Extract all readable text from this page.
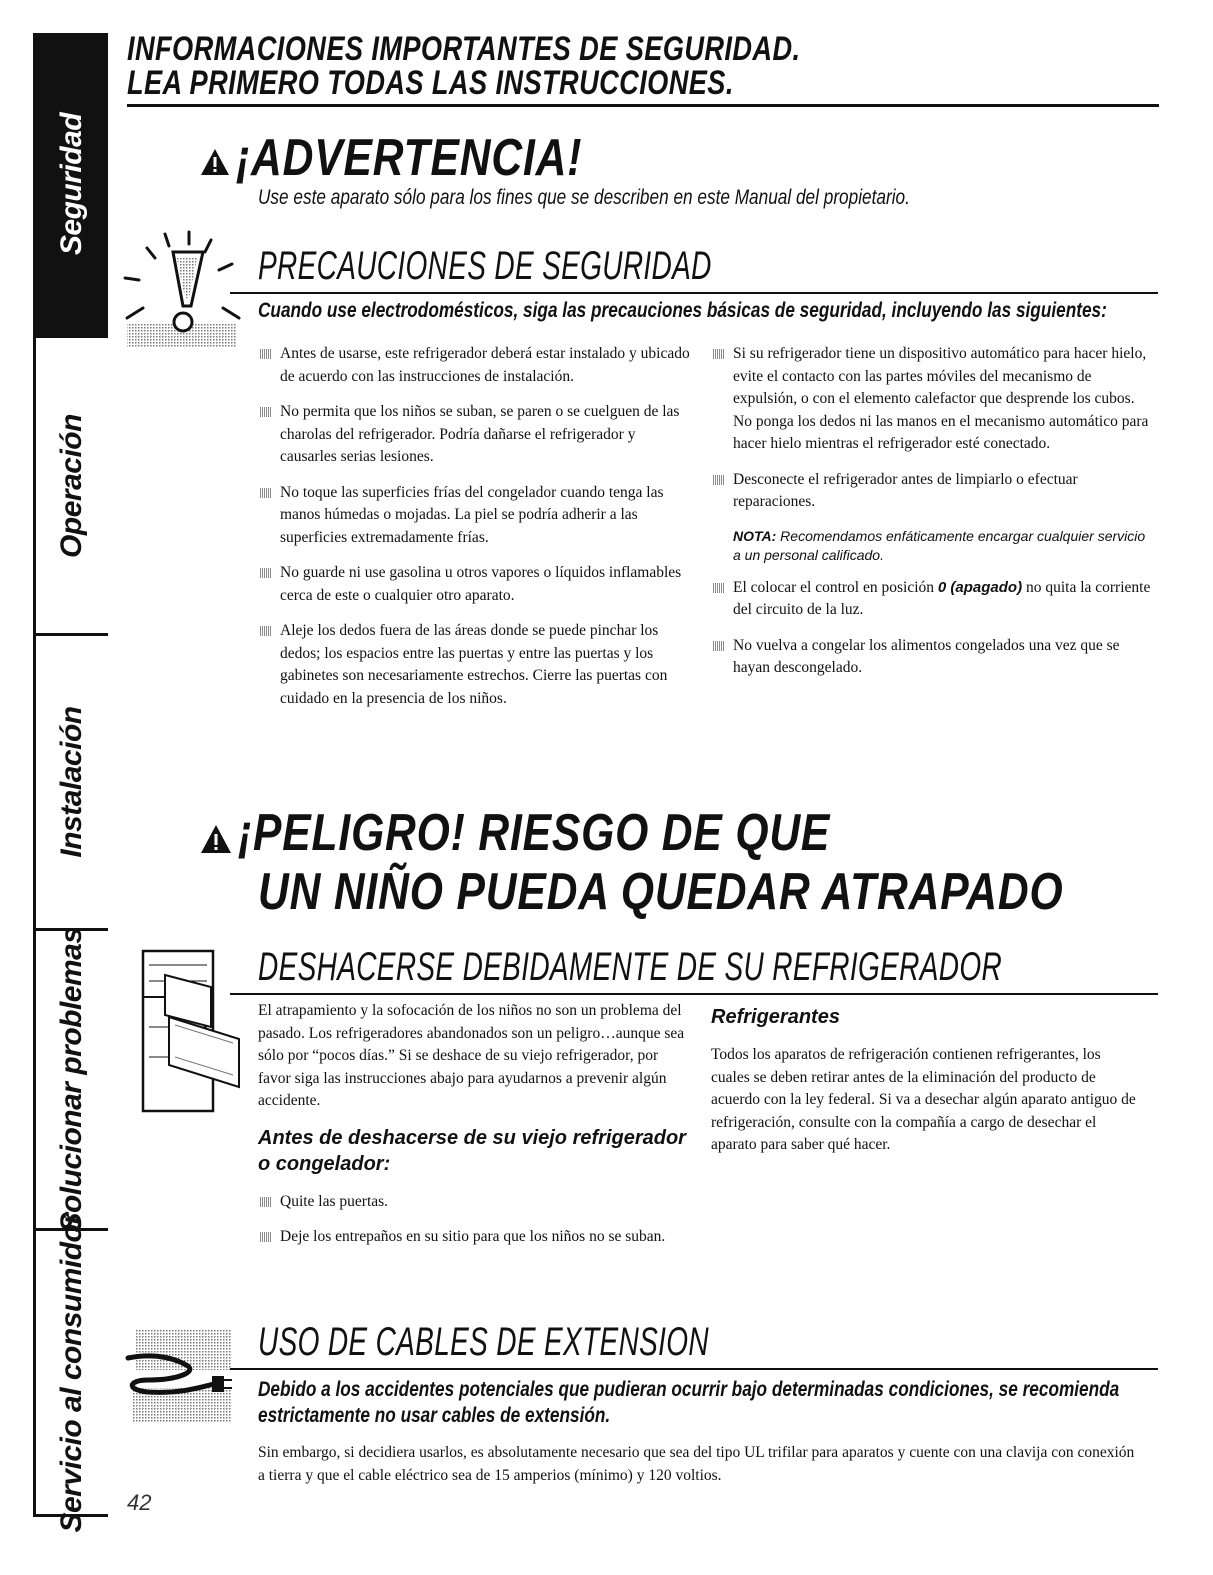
Seguridad
Operación
Instalación
Solucionar problemas
Servicio al consumidor
INFORMACIONES IMPORTANTES DE SEGURIDAD.
LEA PRIMERO TODAS LAS INSTRUCCIONES.
¡ADVERTENCIA!
Use este aparato sólo para los fines que se describen en este Manual del propietario.
PRECAUCIONES DE SEGURIDAD
Cuando use electrodomésticos, siga las precauciones básicas de seguridad, incluyendo las siguientes:
Antes de usarse, este refrigerador deberá estar instalado y ubicado de acuerdo con las instrucciones de instalación.
No permita que los niños se suban, se paren o se cuelguen de las charolas del refrigerador. Podría dañarse el refrigerador y causarles serias lesiones.
No toque las superficies frías del congelador cuando tenga las manos húmedas o mojadas. La piel se podría adherir a las superficies extremadamente frías.
No guarde ni use gasolina u otros vapores o líquidos inflamables cerca de este o cualquier otro aparato.
Aleje los dedos fuera de las áreas donde se puede pinchar los dedos; los espacios entre las puertas y entre las puertas y los gabinetes son necesariamente estrechos. Cierre las puertas con cuidado en la presencia de los niños.
Si su refrigerador tiene un dispositivo automático para hacer hielo, evite el contacto con las partes móviles del mecanismo de expulsión, o con el elemento calefactor que desprende los cubos. No ponga los dedos ni las manos en el mecanismo automático para hacer hielo mientras el refrigerador esté conectado.
Desconecte el refrigerador antes de limpiarlo o efectuar reparaciones.
NOTA: Recomendamos enfáticamente encargar cualquier servicio a un personal calificado.
El colocar el control en posición 0 (apagado) no quita la corriente del circuito de la luz.
No vuelva a congelar los alimentos congelados una vez que se hayan descongelado.
¡PELIGRO! RIESGO DE QUE
UN NIÑO PUEDA QUEDAR ATRAPADO
DESHACERSE DEBIDAMENTE DE SU REFRIGERADOR

El atrapamiento y la sofocación de los niños no son un problema del pasado. Los refrigeradores abandonados son un peligro…aunque sea sólo por “pocos días.” Si se deshace de su viejo refrigerador, por favor siga las instrucciones abajo para ayudarnos a prevenir algún accidente.

Antes de deshacerse de su viejo refrigerador o congelador:
Quite las puertas.
Deje los entrepaños en su sitio para que los niños no se suban.
Refrigerantes

Todos los aparatos de refrigeración contienen refrigerantes, los cuales se deben retirar antes de la eliminación del producto de acuerdo con la ley federal. Si va a desechar algún aparato antiguo de refrigeración, consulte con la compañía a cargo de desechar el aparato para saber qué hacer.

USO DE CABLES DE EXTENSION
Debido a los accidentes potenciales que pudieran ocurrir bajo determinadas condiciones, se recomienda estrictamente no usar cables de extensión.

Sin embargo, si decidiera usarlos, es absolutamente necesario que sea del tipo UL trifilar para aparatos y cuente con una clavija con conexión a tierra y que el cable eléctrico sea de 15 amperios (mínimo) y 120 voltios.

42
